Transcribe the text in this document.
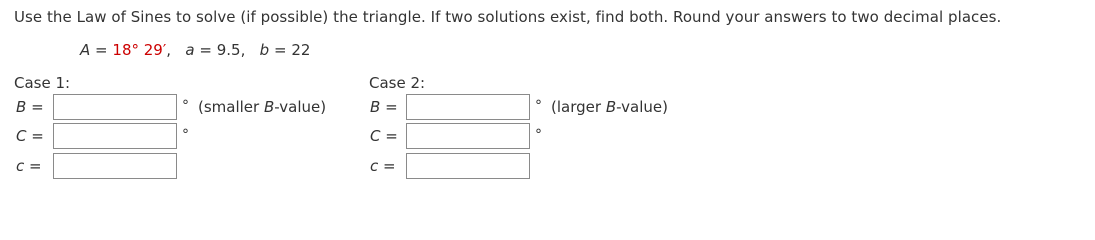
Use the Law of Sines to solve (if possible) the triangle. If two solutions exist, find both. Round your answers to two decimal places.
A = 18° 29′, a = 9.5, b = 22
Case 1:
B =	° (smaller B-value)
C =	°
c =
Case 2:
B =	° (larger B-value)
C =	°
c =
